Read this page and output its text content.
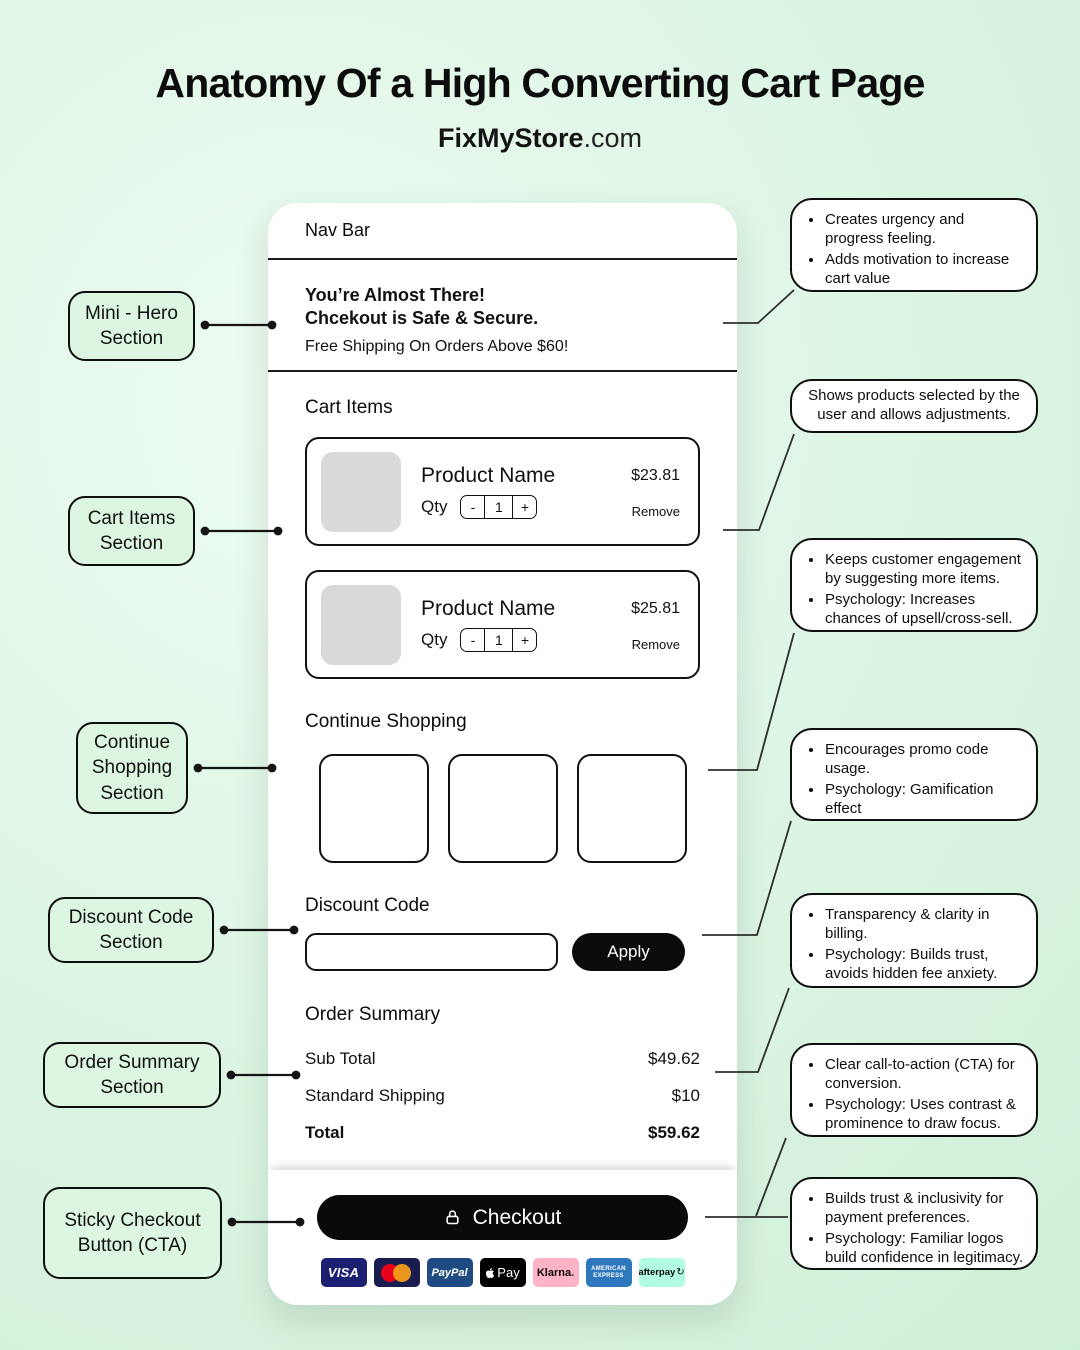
Anatomy Of a High Converting Cart Page
FixMyStore.com
Mini - Hero Section
Cart Items Section
Continue Shopping Section
Discount Code Section
Order Summary Section
Sticky Checkout Button (CTA)
• Creates urgency and progress feeling.
• Adds motivation to increase cart value
Shows products selected by the user and allows adjustments.
• Keeps customer engagement by suggesting more items.
• Psychology: Increases chances of upsell/cross-sell.
• Encourages promo code usage.
• Psychology: Gamification effect
• Transparency & clarity in billing.
• Psychology: Builds trust, avoids hidden fee anxiety.
• Clear call-to-action (CTA) for conversion.
• Psychology: Uses contrast & prominence to draw focus.
• Builds trust & inclusivity for payment preferences.
• Psychology: Familiar logos build confidence in legitimacy.
Nav Bar
You’re Almost There!
Chcekout is Safe & Secure.
Free Shipping On Orders Above $60!
Cart Items
Product Name	$23.81
Qty	-	1	+	Remove
Product Name	$25.81
Qty	-	1	+	Remove
Continue Shopping
Discount Code
Apply
Order Summary
Sub Total	$49.62
Standard Shipping	$10
Total	$59.62
Checkout
VISA	PayPal Pay Klarna.	AMERICAN
EXPRESS afterpay ↻
